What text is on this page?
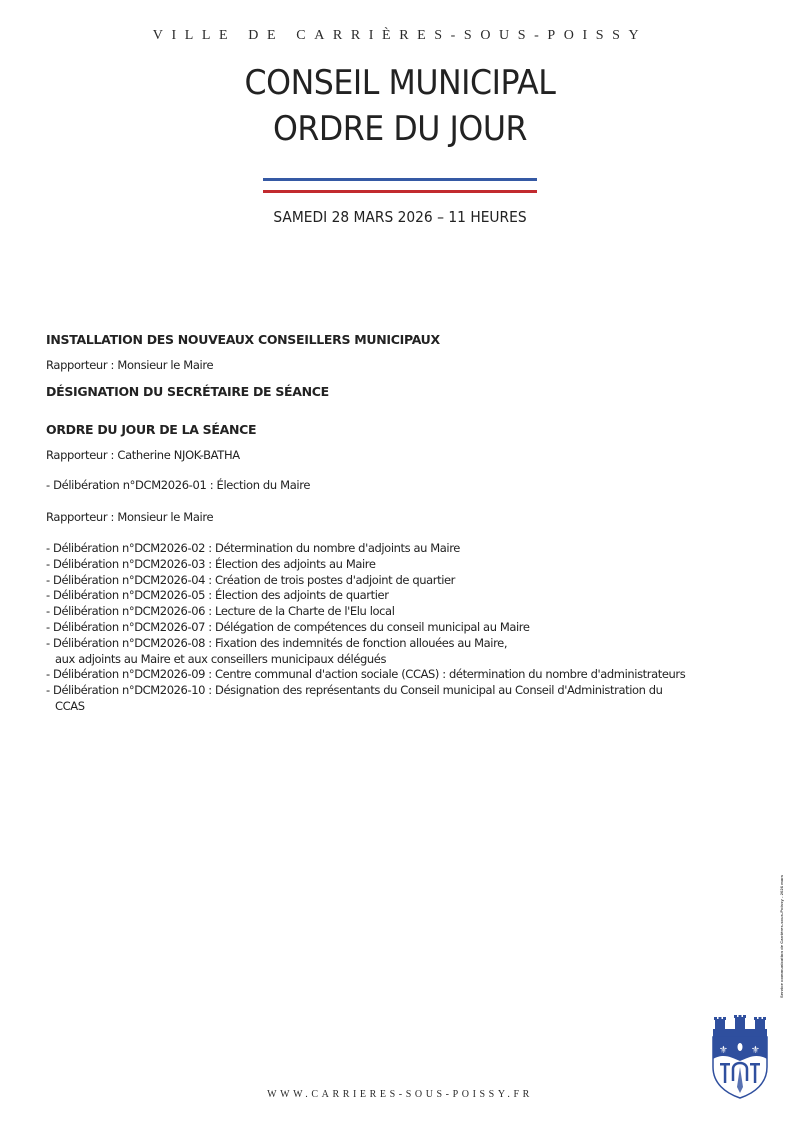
VILLE DE CARRIÈRES-SOUS-POISSY
CONSEIL MUNICIPAL
ORDRE DU JOUR
SAMEDI 28 MARS 2026 – 11 HEURES
INSTALLATION DES NOUVEAUX CONSEILLERS MUNICIPAUX
Rapporteur : Monsieur le Maire
DÉSIGNATION DU SECRÉTAIRE DE SÉANCE
ORDRE DU JOUR DE LA SÉANCE
Rapporteur : Catherine NJOK-BATHA
- Délibération n°DCM2026-01 : Élection du Maire
Rapporteur : Monsieur le Maire
- Délibération n°DCM2026-02 : Détermination du nombre d'adjoints au Maire
- Délibération n°DCM2026-03 : Élection des adjoints au Maire
- Délibération n°DCM2026-04 : Création de trois postes d'adjoint de quartier
- Délibération n°DCM2026-05 : Élection des adjoints de quartier
- Délibération n°DCM2026-06 : Lecture de la Charte de l'Elu local
- Délibération n°DCM2026-07 : Délégation de compétences du conseil municipal au Maire
- Délibération n°DCM2026-08 : Fixation des indemnités de fonction allouées au Maire, aux adjoints au Maire et aux conseillers municipaux délégués
- Délibération n°DCM2026-09 : Centre communal d'action sociale (CCAS) : détermination du nombre d'administrateurs
- Délibération n°DCM2026-10 : Désignation des représentants du Conseil municipal au Conseil d'Administration du CCAS
Service communication de Carrières-sous-Poissy - 2026 mars
⚜ ⚜
WWW.CARRIERES-SOUS-POISSY.FR
